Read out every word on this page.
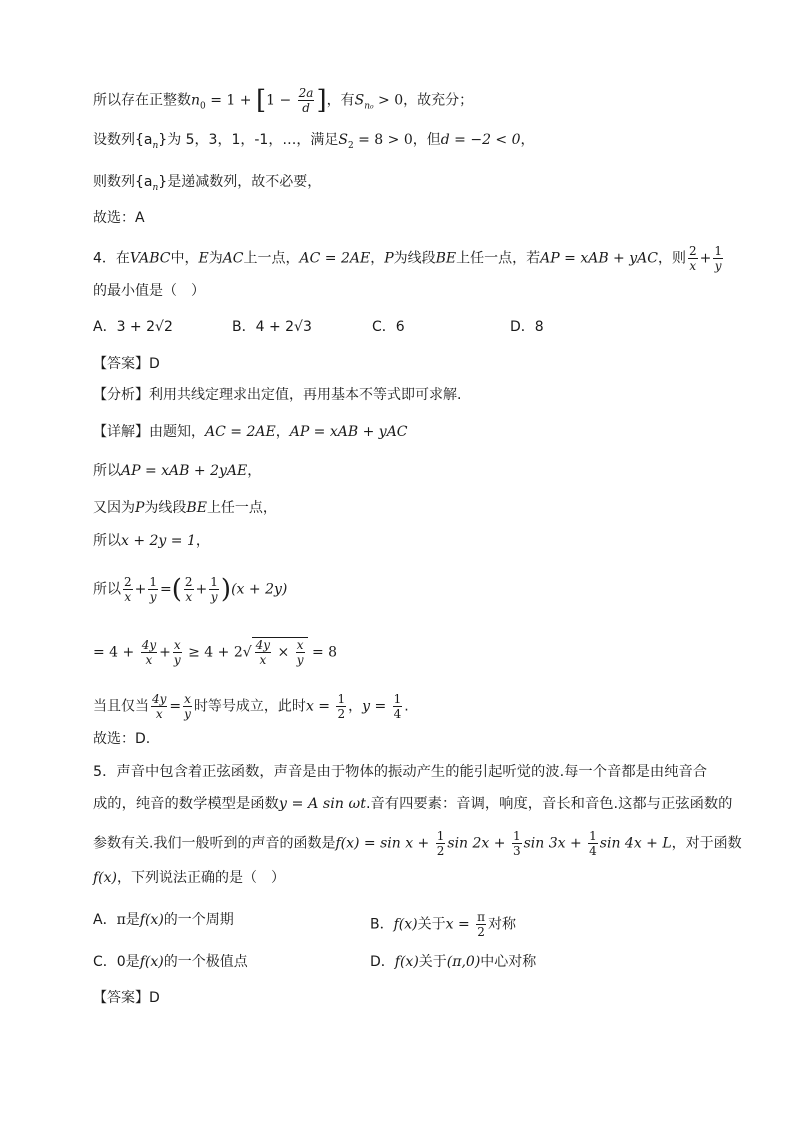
所以存在正整数$n_0 = 1 + [1 - \frac{2a}{d}$ ]，有$S_{n_0} > 0$，故充分；
设数列$\{a_n\}$为 5，3，1，-1，…，满足$S_2 = 8 > 0$，但d = −2 < 0，
则数列$\{a_n\}$是递减数列，故不必要，
故选：A
4．在VABC中，E为AC上一点，AC = 2AE，P为线段BE上任一点，若AP = xAB + yAC，则 $\frac{2}{x} + \frac{1}{y}$
的最小值是（　）
A．3 + 2√2	B．4 + 2√3	C．6	D．8
【答案】D
【分析】利用共线定理求出定值，再用基本不等式即可求解.
【详解】由题知，AC = 2AE，AP = xAB + yAC
所以AP = xAB + 2yAE，
又因为P为线段BE上任一点，
所以x + 2y = 1，
所以 $\frac{2}{x} + \frac{1}{y}$ =( $\frac{2}{x} + \frac{1}{y} )(x + 2y)$
= $4 + \frac{4y}{x} + \frac{x}{y} \ge 4 + 2√ \frac{4y}{x} \times \frac{x}{y} = 8$
当且仅当 $\frac{4y}{x} = \frac{x}{y}$ 时等号成立，此时$x = \frac{1}{2}$ ，$y = \frac{1}{4}$ .
故选：D.
5．声音中包含着正弦函数，声音是由于物体的振动产生的能引起听觉的波.每一个音都是由纯音合
成的，纯音的数学模型是函数y = A sin ωt.音有四要素：音调，响度，音长和音色.这都与正弦函数的
参数有关.我们一般听到的声音的函数是$f(x) = \sin x + \frac{1}{2}$ $\sin 2x + \frac{1}{3}$ $\sin 3x + \frac{1}{4}$ sin 4x + L，对于函数
f(x)，下列说法正确的是（　）
A．π是f(x)的一个周期	B．f(x)关于$x = \frac{\pi}{2}$ 对称
C．0是f(x)的一个极值点	D．f(x)关于(π,0)中心对称
【答案】D
